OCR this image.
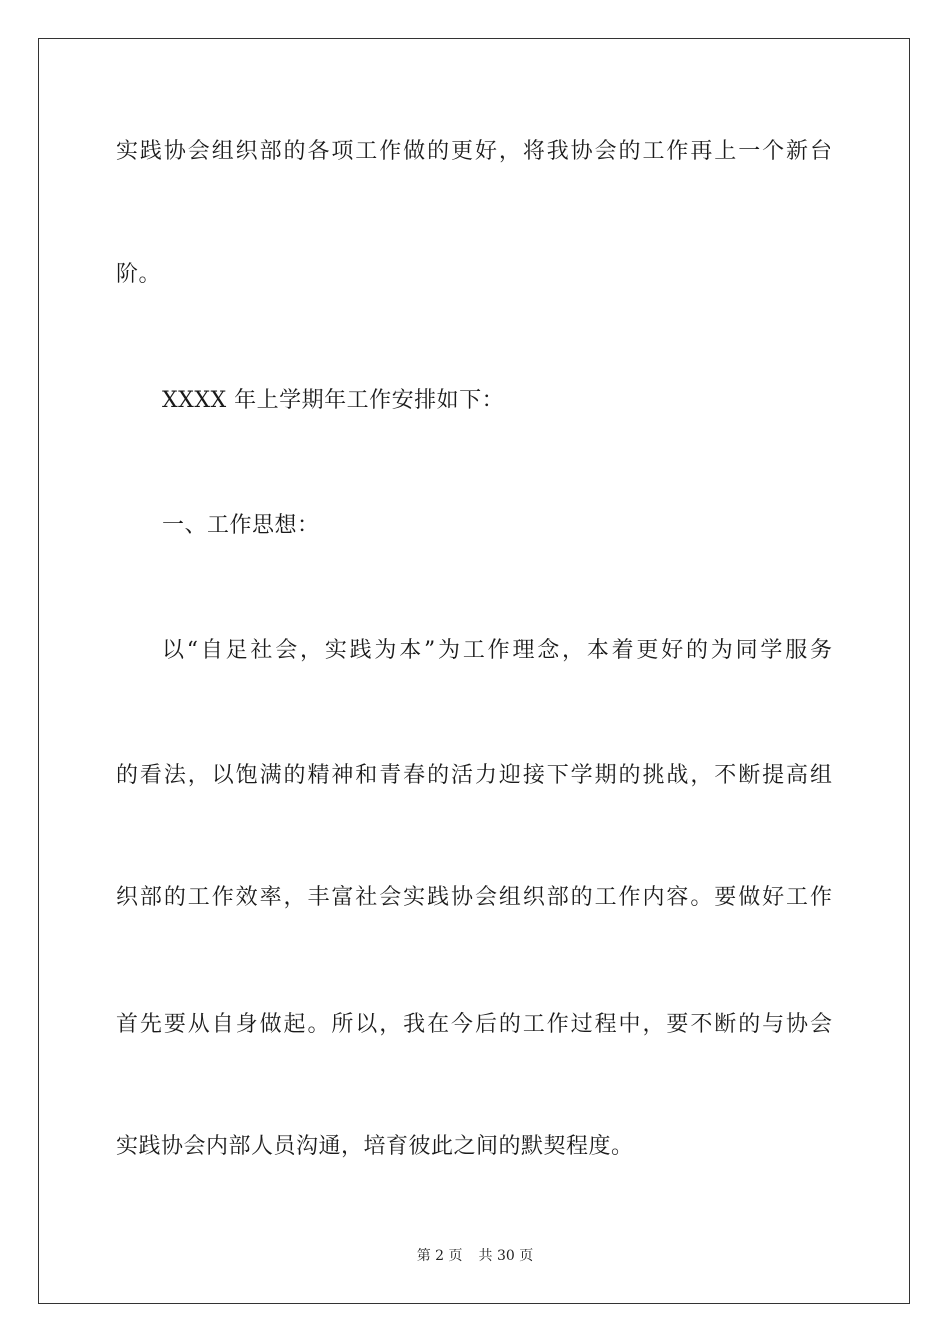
实践协会组织部的各项工作做的更好，将我协会的工作再上一个新台
阶。
XXXX 年上学期年工作安排如下：
一、工作思想：
以“自足社会，实践为本”为工作理念，本着更好的为同学服务
的看法，以饱满的精神和青春的活力迎接下学期的挑战，不断提高组
织部的工作效率，丰富社会实践协会组织部的工作内容。要做好工作
首先要从自身做起。所以，我在今后的工作过程中，要不断的与协会
实践协会内部人员沟通，培育彼此之间的默契程度。
第 2 页 共 30 页
